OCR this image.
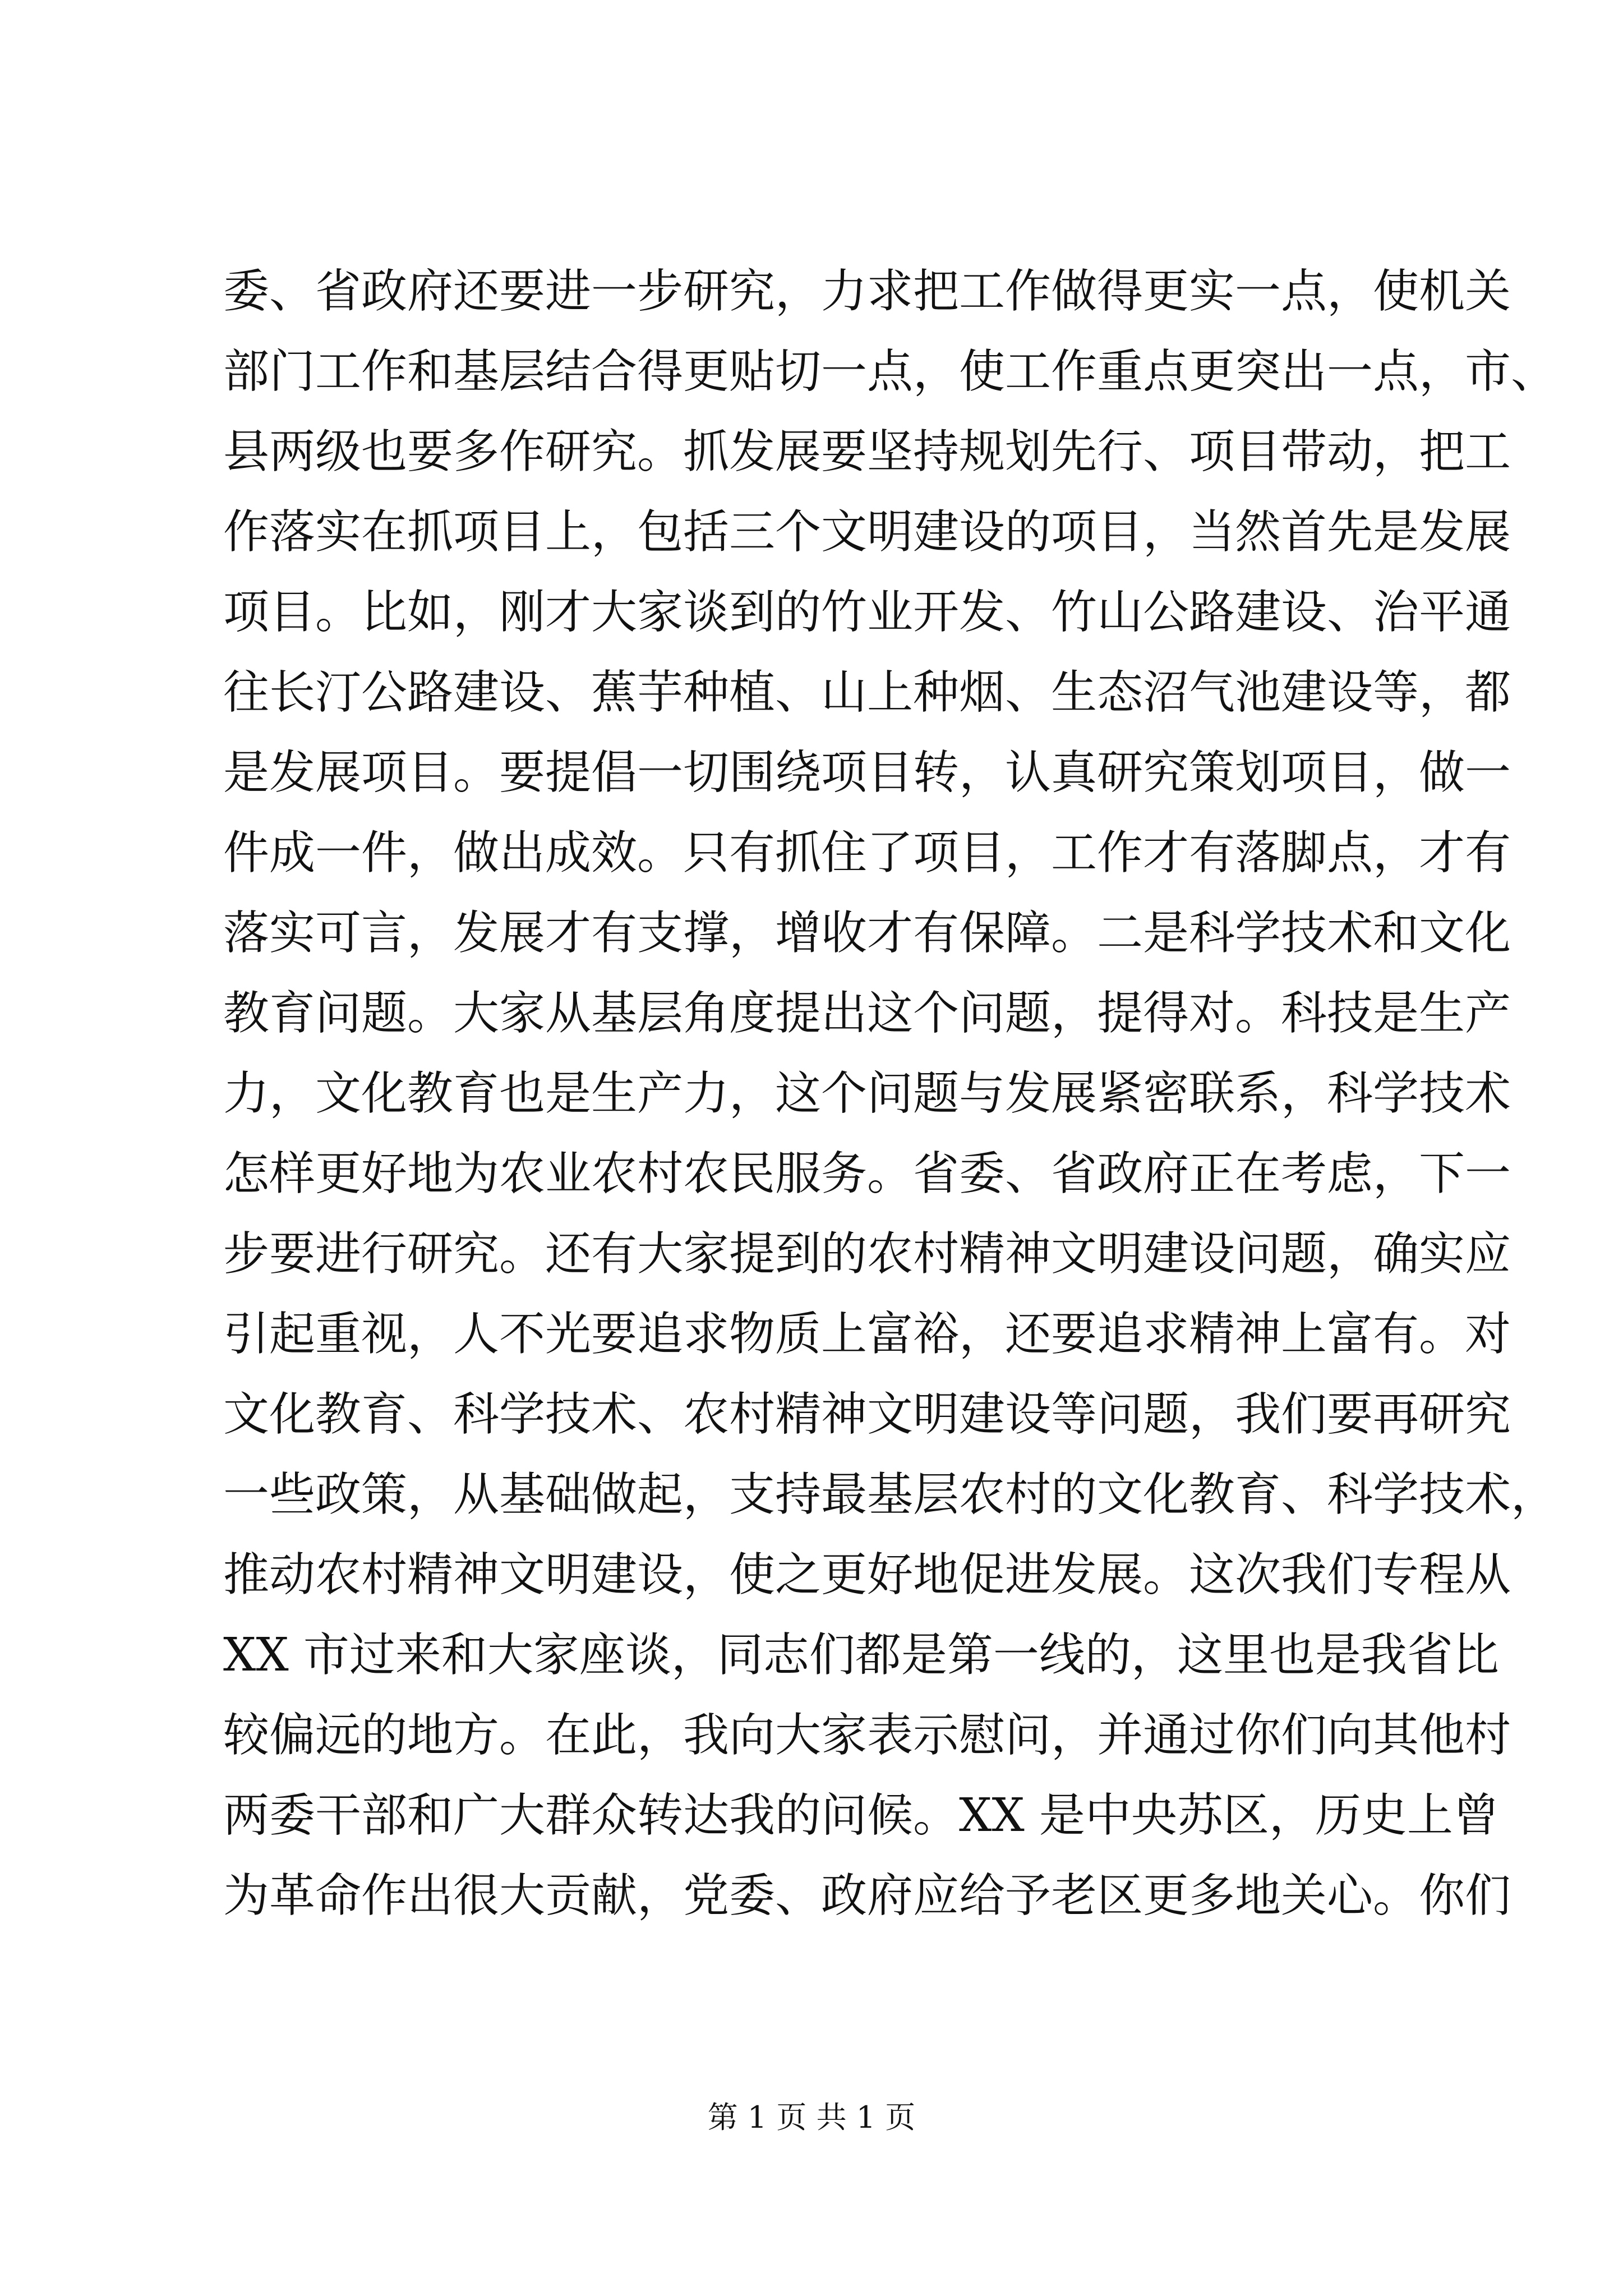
委、省政府还要进一步研究，力求把工作做得更实一点，使机关
部门工作和基层结合得更贴切一点，使工作重点更突出一点，市、
县两级也要多作研究。抓发展要坚持规划先行、项目带动，把工
作落实在抓项目上，包括三个文明建设的项目，当然首先是发展
项目。比如，刚才大家谈到的竹业开发、竹山公路建设、治平通
往长汀公路建设、蕉芋种植、山上种烟、生态沼气池建设等，都
是发展项目。要提倡一切围绕项目转，认真研究策划项目，做一
件成一件，做出成效。只有抓住了项目，工作才有落脚点，才有
落实可言，发展才有支撑，增收才有保障。二是科学技术和文化
教育问题。大家从基层角度提出这个问题，提得对。科技是生产
力，文化教育也是生产力，这个问题与发展紧密联系，科学技术
怎样更好地为农业农村农民服务。省委、省政府正在考虑，下一
步要进行研究。还有大家提到的农村精神文明建设问题，确实应
引起重视，人不光要追求物质上富裕，还要追求精神上富有。对
文化教育、科学技术、农村精神文明建设等问题，我们要再研究
一些政策，从基础做起，支持最基层农村的文化教育、科学技术，
推动农村精神文明建设，使之更好地促进发展。这次我们专程从
XX 市过来和大家座谈，同志们都是第一线的，这里也是我省比
较偏远的地方。在此，我向大家表示慰问，并通过你们向其他村
两委干部和广大群众转达我的问候。XX 是中央苏区，历史上曾
为革命作出很大贡献，党委、政府应给予老区更多地关心。你们
第 1 页 共 1 页
